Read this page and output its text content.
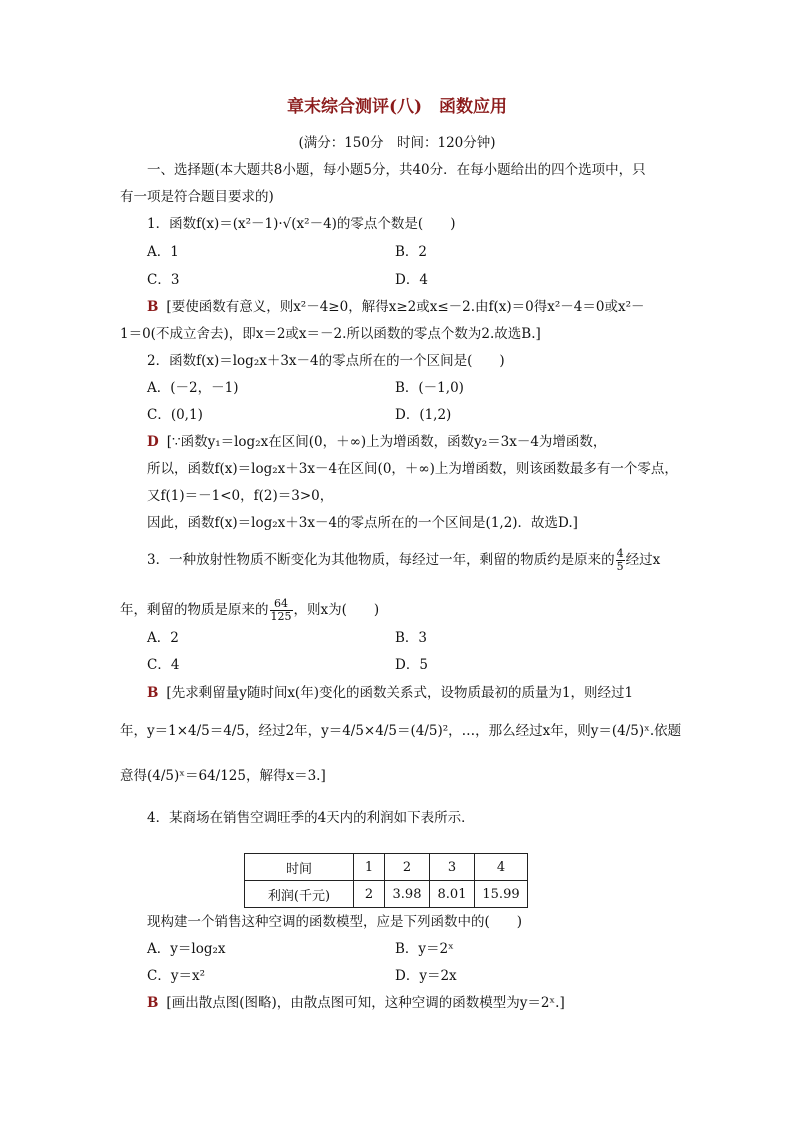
章末综合测评(八)　函数应用
(满分：150分　时间：120分钟)
一、选择题(本大题共8小题，每小题5分，共40分．在每小题给出的四个选项中，只
有一项是符合题目要求的)
1．函数f(x)＝(x²－1)·√(x²－4)的零点个数是(　　)
A．1	B．2
C．3	D．4
B [要使函数有意义，则x²－4≥0，解得x≥2或x≤－2.由f(x)＝0得x²－4＝0或x²－
1＝0(不成立舍去)，即x＝2或x＝－2.所以函数的零点个数为2.故选B.]
2．函数f(x)＝log₂x＋3x－4的零点所在的一个区间是(　　)
A．(－2，－1)	B．(－1,0)
C．(0,1)	D．(1,2)
D [∵函数y₁＝log₂x在区间(0，＋∞)上为增函数，函数y₂＝3x－4为增函数，
所以，函数f(x)＝log₂x＋3x－4在区间(0，＋∞)上为增函数，则该函数最多有一个零点，
又f(1)＝－1<0，f(2)＝3>0，
因此，函数f(x)＝log₂x＋3x－4的零点所在的一个区间是(1,2)．故选D.]
3．一种放射性物质不断变化为其他物质，每经过一年，剩留的物质约是原来的 $\frac{4}{5}$ 经过x
年，剩留的物质是原来的 $\frac{64}{125}$ ，则x为(　　)
A．2	B．3
C．4	D．5
B [先求剩留量y随时间x(年)变化的函数关系式，设物质最初的质量为1，则经过1
年，y＝1×4/5＝4/5，经过2年，y＝4/5×4/5＝(4/5)²，…，那么经过x年，则y＝(4/5)ˣ.依题
意得(4/5)ˣ＝64/125，解得x＝3.]
4．某商场在销售空调旺季的4天内的利润如下表所示．
时间	1	2	3	4
利润(千元)	2	3.98	8.01	15.99
现构建一个销售这种空调的函数模型，应是下列函数中的(　　)
A．y＝log₂x	B．y＝2ˣ
C．y＝x²	D．y＝2x
B [画出散点图(图略)，由散点图可知，这种空调的函数模型为y＝2ˣ.]
